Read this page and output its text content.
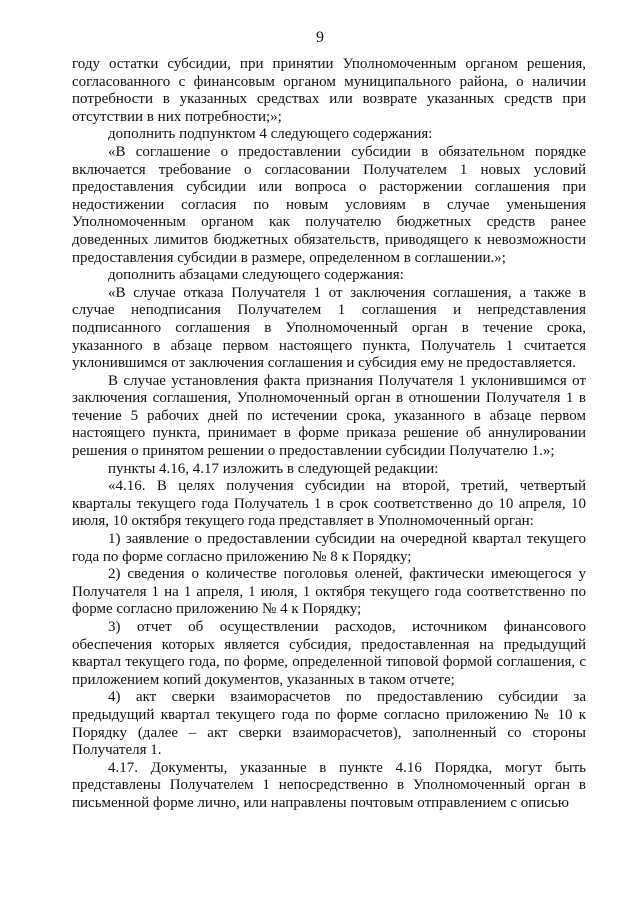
9

году остатки субсидии, при принятии Уполномоченным органом решения, согласованного с финансовым органом муниципального района, о наличии потребности в указанных средствах или возврате указанных средств при отсутствии в них потребности;»;

дополнить подпунктом 4 следующего содержания:

«В соглашение о предоставлении субсидии в обязательном порядке включается требование о согласовании Получателем 1 новых условий предоставления субсидии или вопроса о расторжении соглашения при недостижении согласия по новым условиям в случае уменьшения Уполномоченным органом как получателю бюджетных средств ранее доведенных лимитов бюджетных обязательств, приводящего к невозможности предоставления субсидии в размере, определенном в соглашении.»;

дополнить абзацами следующего содержания:

«В случае отказа Получателя 1 от заключения соглашения, а также в случае неподписания Получателем 1 соглашения и непредставления подписанного соглашения в Уполномоченный орган в течение срока, указанного в абзаце первом настоящего пункта, Получатель 1 считается уклонившимся от заключения соглашения и субсидия ему не предоставляется.

В случае установления факта признания Получателя 1 уклонившимся от заключения соглашения, Уполномоченный орган в отношении Получателя 1 в течение 5 рабочих дней по истечении срока, указанного в абзаце первом настоящего пункта, принимает в форме приказа решение об аннулировании решения о принятом решении о предоставлении субсидии Получателю 1.»;

пункты 4.16, 4.17 изложить в следующей редакции:

«4.16. В целях получения субсидии на второй, третий, четвертый кварталы текущего года Получатель 1 в срок соответственно до 10 апреля, 10 июля, 10 октября текущего года представляет в Уполномоченный орган:

1) заявление о предоставлении субсидии на очередной квартал текущего года по форме согласно приложению № 8 к Порядку;

2) сведения о количестве поголовья оленей, фактически имеющегося у Получателя 1 на 1 апреля, 1 июля, 1 октября текущего года соответственно по форме согласно приложению № 4 к Порядку;

3) отчет об осуществлении расходов, источником финансового обеспечения которых является субсидия, предоставленная на предыдущий квартал текущего года, по форме, определенной типовой формой соглашения, с приложением копий документов, указанных в таком отчете;

4) акт сверки взаиморасчетов по предоставлению субсидии за предыдущий квартал текущего года по форме согласно приложению № 10 к Порядку (далее – акт сверки взаиморасчетов), заполненный со стороны Получателя 1.

4.17. Документы, указанные в пункте 4.16 Порядка, могут быть представлены Получателем 1 непосредственно в Уполномоченный орган в письменной форме лично, или направлены почтовым отправлением с описью
